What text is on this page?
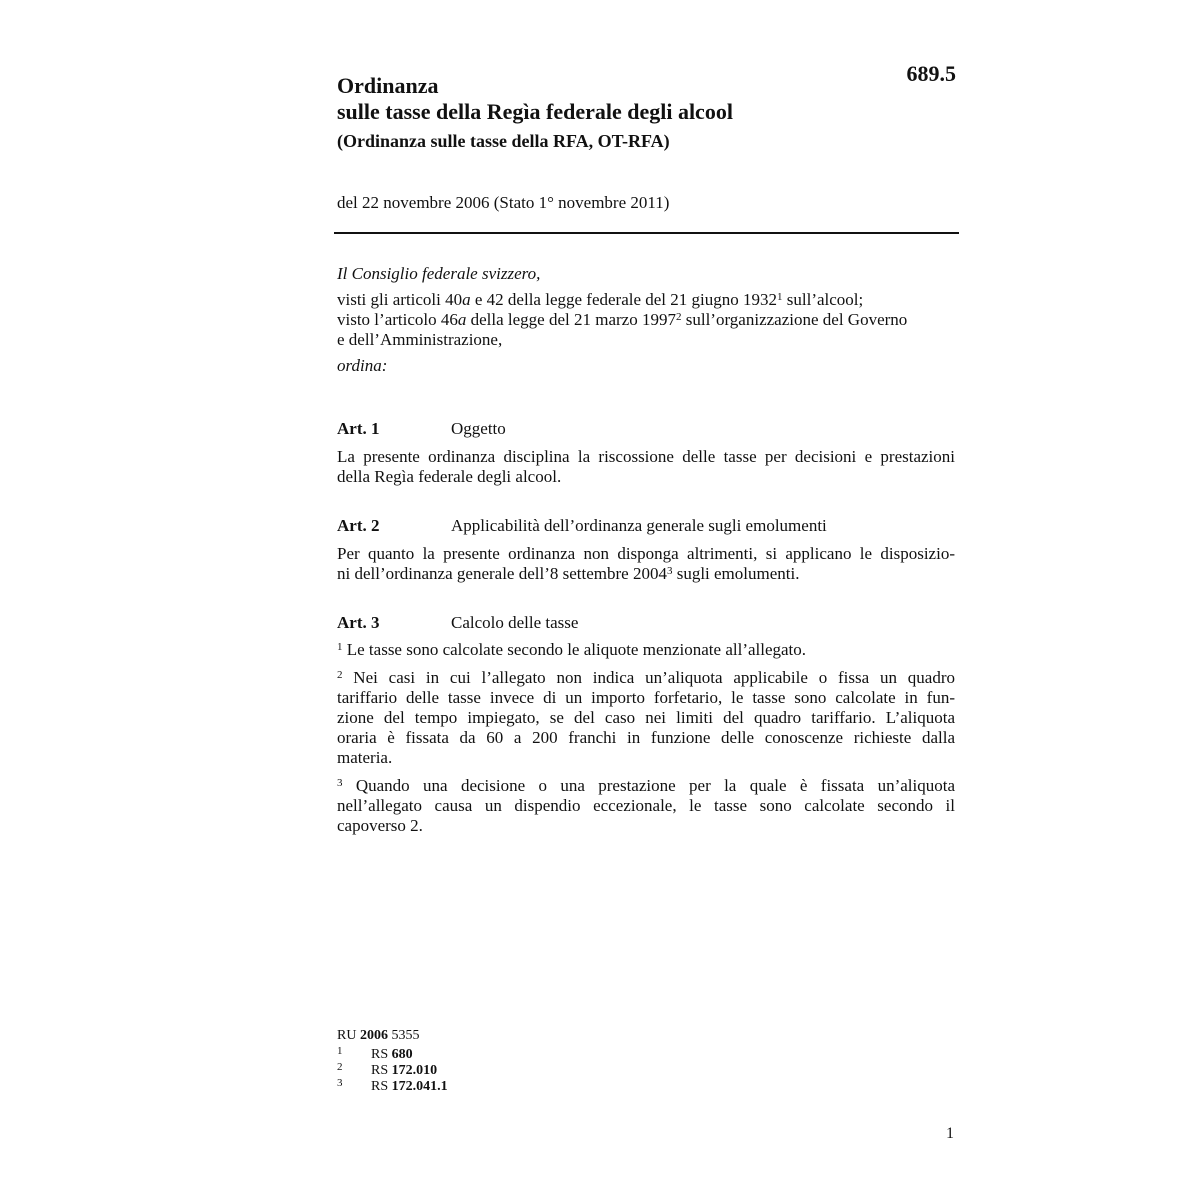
689.5
Ordinanza
sulle tasse della Regìa federale degli alcool
(Ordinanza sulle tasse della RFA, OT-RFA)
del 22 novembre 2006 (Stato 1° novembre 2011)
Il Consiglio federale svizzero,
visti gli articoli 40a e 42 della legge federale del 21 giugno 1932$^1$ sull’alcool;
visto l’articolo 46a della legge del 21 marzo 1997$^2$ sull’organizzazione del Governo
e dell’Amministrazione,
ordina:
Art. 1	Oggetto
La presente ordinanza disciplina la riscossione delle tasse per decisioni e prestazioni
della Regìa federale degli alcool.
Art. 2	Applicabilità dell’ordinanza generale sugli emolumenti
Per quanto la presente ordinanza non disponga altrimenti, si applicano le disposizio-
ni dell’ordinanza generale dell’8 settembre 2004$^3$ sugli emolumenti.
Art. 3	Calcolo delle tasse
$^1$ Le tasse sono calcolate secondo le aliquote menzionate all’allegato.
$^2$ Nei casi in cui l’allegato non indica un’aliquota applicabile o fissa un quadro
tariffario delle tasse invece di un importo forfetario, le tasse sono calcolate in fun-
zione del tempo impiegato, se del caso nei limiti del quadro tariffario. L’aliquota
oraria è fissata da 60 a 200 franchi in funzione delle conoscenze richieste dalla
materia.
$^3$ Quando una decisione o una prestazione per la quale è fissata un’aliquota
nell’allegato causa un dispendio eccezionale, le tasse sono calcolate secondo il
capoverso 2.
RU 2006 5355
1 RS 680
2 RS 172.010
3 RS 172.041.1
1
